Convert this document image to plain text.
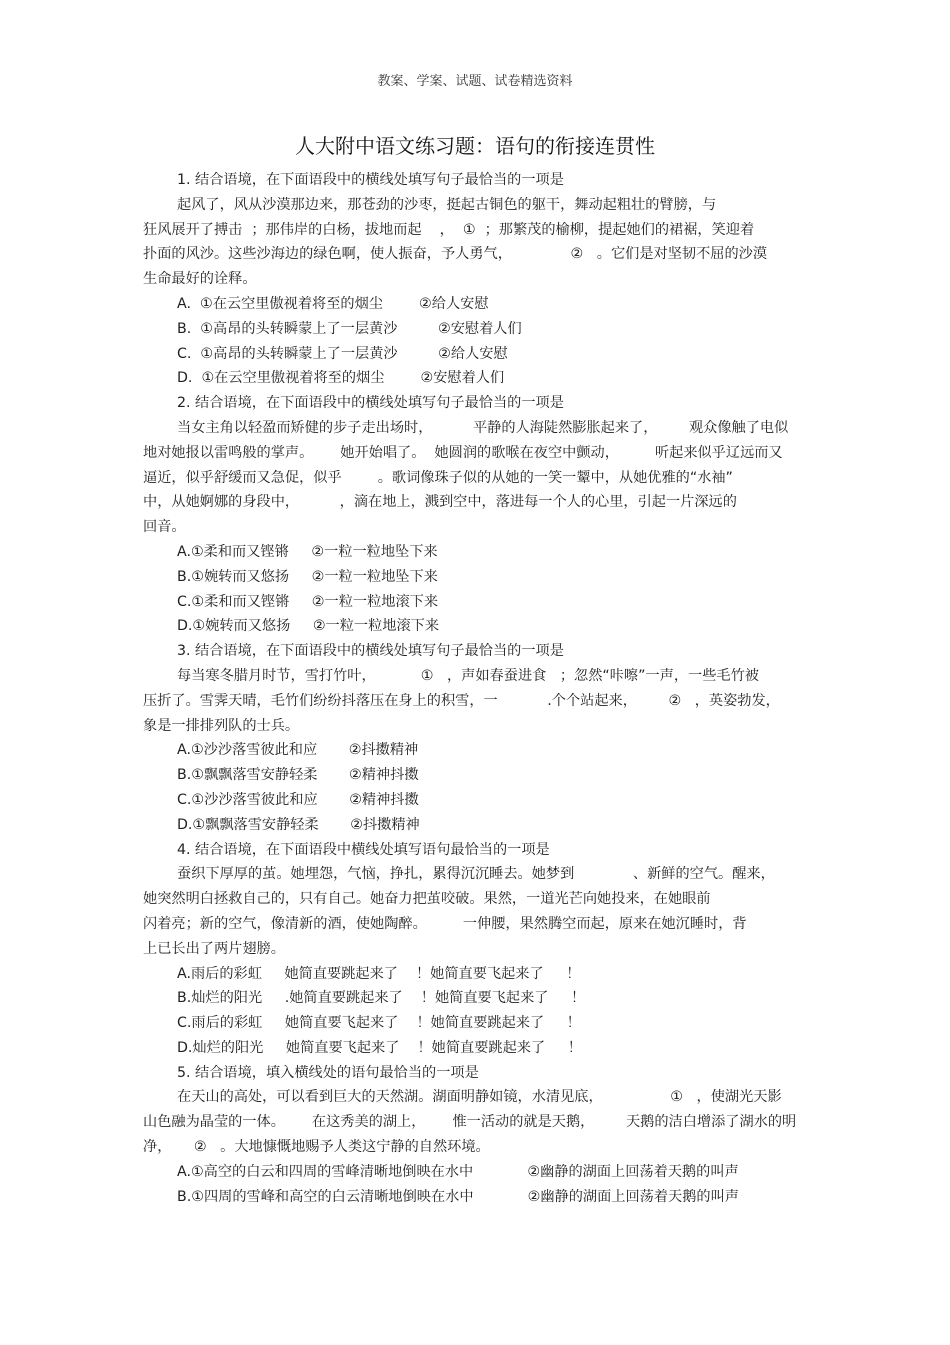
教案、学案、试题、试卷精选资料
人大附中语文练习题：语句的衔接连贯性
1. 结合语境，在下面语段中的横线处填写句子最恰当的一项是
起风了，风从沙漠那边来，那苍劲的沙枣，挺起古铜色的躯干，舞动起粗壮的臂膀，与
狂风展开了搏击  ；那伟岸的白杨，拔地而起    ，  ①  ；那繁茂的榆柳，提起她们的裙裾，笑迎着
扑面的风沙。这些沙海边的绿色啊，使人振奋，予人勇气，             ②   。它们是对坚韧不屈的沙漠
生命最好的诠释。
A.  ①在云空里傲视着将至的烟尘        ②给人安慰
B.  ①高昂的头转瞬蒙上了一层黄沙         ②安慰着人们
C.  ①高昂的头转瞬蒙上了一层黄沙         ②给人安慰
D.  ①在云空里傲视着将至的烟尘        ②安慰着人们
2. 结合语境，在下面语段中的横线处填写句子最恰当的一项是
当女主角以轻盈而矫健的步子走出场时，         平静的人海陡然膨胀起来了，       观众像触了电似
地对她报以雷鸣般的掌声。      她开始唱了。  她圆润的歌喉在夜空中颤动，        听起来似乎辽远而又
逼近，似乎舒缓而又急促，似乎        。歌词像珠子似的从她的一笑一颦中，从她优雅的“水袖”
中，从她婀娜的身段中，         ，滴在地上，溅到空中，落进每一个人的心里，引起一片深远的
回音。
A.①柔和而又铿锵     ②一粒一粒地坠下来
B.①婉转而又悠扬     ②一粒一粒地坠下来
C.①柔和而又铿锵     ②一粒一粒地滚下来
D.①婉转而又悠扬     ②一粒一粒地滚下来
3. 结合语境，在下面语段中的横线处填写句子最恰当的一项是
每当寒冬腊月时节，雪打竹叶，          ①   ，声如春蚕进食   ；忽然“咔嚓”一声，一些毛竹被
压折了。雪霁天晴，毛竹们纷纷抖落压在身上的积雪，一           .个个站起来，       ②   ，英姿勃发，
象是一排排列队的士兵。
A.①沙沙落雪彼此和应       ②抖擞精神
B.①飘飘落雪安静轻柔       ②精神抖擞
C.①沙沙落雪彼此和应       ②精神抖擞
D.①飘飘落雪安静轻柔       ②抖擞精神
4. 结合语境，在下面语段中横线处填写语句最恰当的一项是
蚕织下厚厚的茧。她埋怨，气恼，挣扎，累得沉沉睡去。她梦到             、新鲜的空气。醒来，
她突然明白拯救自己的，只有自己。她奋力把茧咬破。果然，一道光芒向她投来，在她眼前
闪着亮；新的空气，像清新的酒，使她陶醉。        一伸腰，果然腾空而起，原来在她沉睡时，背
上已长出了两片翅膀。
A.雨后的彩虹     她简直要跳起来了    ！她简直要飞起来了     ！
B.灿烂的阳光     .她简直要跳起来了    ！她简直要飞起来了     ！
C.雨后的彩虹     她简直要飞起来了    ！她简直要跳起来了     ！
D.灿烂的阳光     她简直要飞起来了    ！她简直要跳起来了     ！
5. 结合语境，填入横线处的语句最恰当的一项是
在天山的高处，可以看到巨大的天然湖。湖面明静如镜，水清见底，               ①   ，使湖光天影
山色融为晶莹的一体。      在这秀美的湖上，      惟一活动的就是天鹅，       天鹅的洁白增添了湖水的明
净，     ②   。大地慷慨地赐予人类这宁静的自然环境。
A.①高空的白云和四周的雪峰清晰地倒映在水中            ②幽静的湖面上回荡着天鹅的叫声
B.①四周的雪峰和高空的白云清晰地倒映在水中            ②幽静的湖面上回荡着天鹅的叫声
